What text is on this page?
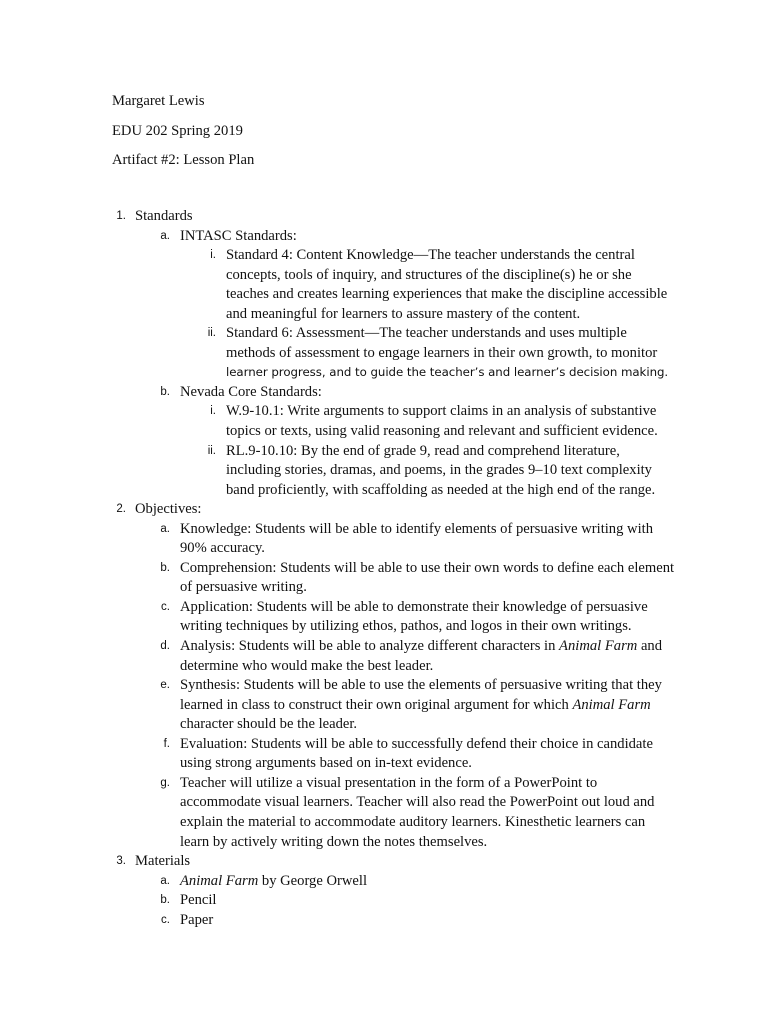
Margaret Lewis
EDU 202 Spring 2019
Artifact #2: Lesson Plan
1. Standards
a. INTASC Standards:
i. Standard 4: Content Knowledge—The teacher understands the central concepts, tools of inquiry, and structures of the discipline(s) he or she teaches and creates learning experiences that make the discipline accessible and meaningful for learners to assure mastery of the content.
ii. Standard 6: Assessment—The teacher understands and uses multiple methods of assessment to engage learners in their own growth, to monitor learner progress, and to guide the teacher’s and learner’s decision making.
b. Nevada Core Standards:
i. W.9-10.1: Write arguments to support claims in an analysis of substantive topics or texts, using valid reasoning and relevant and sufficient evidence.
ii. RL.9-10.10: By the end of grade 9, read and comprehend literature, including stories, dramas, and poems, in the grades 9–10 text complexity band proficiently, with scaffolding as needed at the high end of the range.
2. Objectives:
a. Knowledge: Students will be able to identify elements of persuasive writing with 90% accuracy.
b. Comprehension: Students will be able to use their own words to define each element of persuasive writing.
c. Application: Students will be able to demonstrate their knowledge of persuasive writing techniques by utilizing ethos, pathos, and logos in their own writings.
d. Analysis: Students will be able to analyze different characters in Animal Farm and determine who would make the best leader.
e. Synthesis: Students will be able to use the elements of persuasive writing that they learned in class to construct their own original argument for which Animal Farm character should be the leader.
f. Evaluation: Students will be able to successfully defend their choice in candidate using strong arguments based on in-text evidence.
g. Teacher will utilize a visual presentation in the form of a PowerPoint to accommodate visual learners. Teacher will also read the PowerPoint out loud and explain the material to accommodate auditory learners. Kinesthetic learners can learn by actively writing down the notes themselves.
3. Materials
a. Animal Farm by George Orwell
b. Pencil
c. Paper
